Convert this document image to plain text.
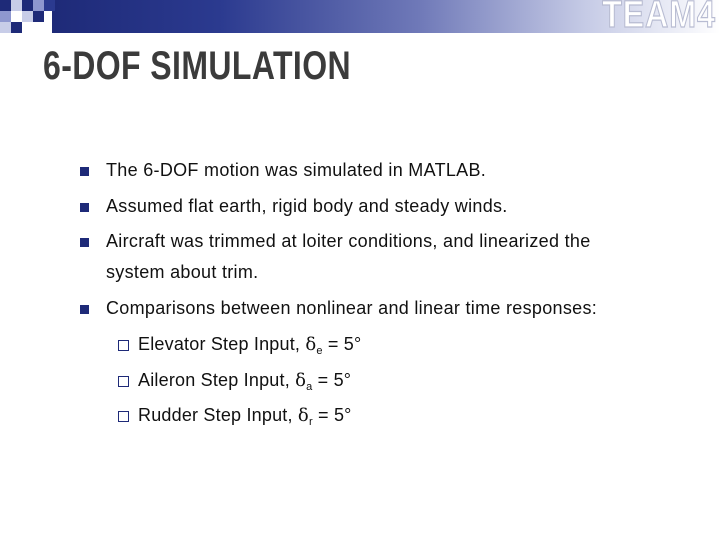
TEAM4
6-DOF SIMULATION
The 6-DOF motion was simulated in MATLAB.
Assumed flat earth, rigid body and steady winds.
Aircraft was trimmed at loiter conditions, and linearized the
system about trim.
Comparisons between nonlinear and linear time responses:
Elevator Step Input, $\delta_e = 5^\circ$
Aileron Step Input, $\delta_a = 5^\circ$
Rudder Step Input, $\delta_r = 5^\circ$
